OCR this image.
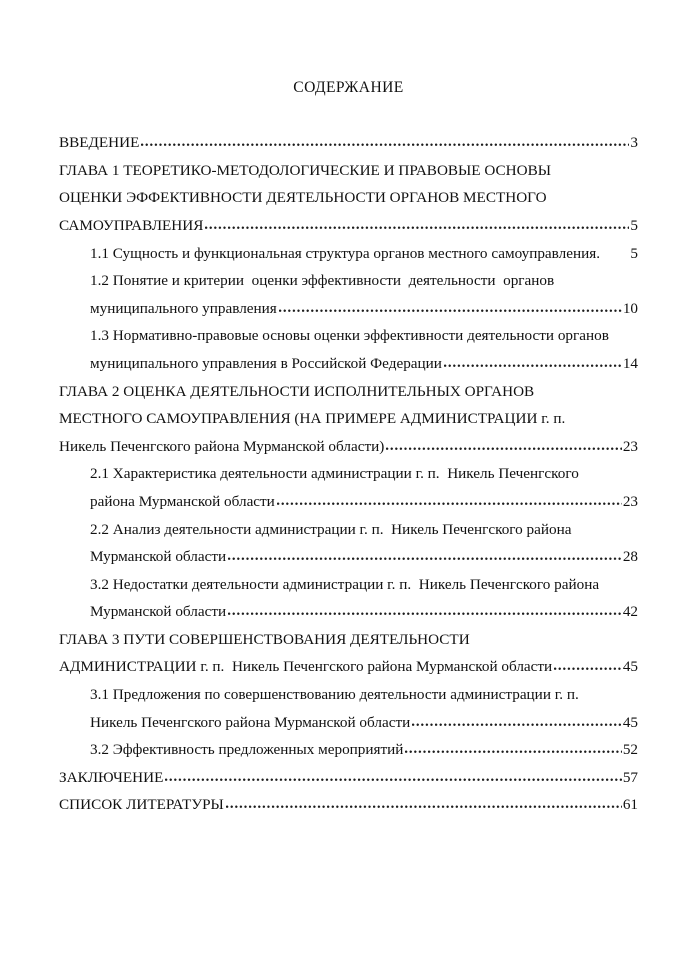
СОДЕРЖАНИЕ
ВВЕДЕНИЕ	3
ГЛАВА 1 ТЕОРЕТИКО-МЕТОДОЛОГИЧЕСКИЕ И ПРАВОВЫЕ ОСНОВЫ
ОЦЕНКИ ЭФФЕКТИВНОСТИ ДЕЯТЕЛЬНОСТИ ОРГАНОВ МЕСТНОГО
САМОУПРАВЛЕНИЯ	5
1.1 Сущность и функциональная структура органов местного самоуправления. 5
1.2 Понятие и критерии  оценки эффективности  деятельности  органов
муниципального управления	10
1.3 Нормативно-правовые основы оценки эффективности деятельности органов
муниципального управления в Российской Федерации	14
ГЛАВА 2 ОЦЕНКА ДЕЯТЕЛЬНОСТИ ИСПОЛНИТЕЛЬНЫХ ОРГАНОВ
МЕСТНОГО САМОУПРАВЛЕНИЯ (НА ПРИМЕРЕ АДМИНИСТРАЦИИ г. п.
Никель Печенгского района Мурманской области)	23
2.1 Характеристика деятельности администрации г. п.  Никель Печенгского
района Мурманской области	23
2.2 Анализ деятельности администрации г. п.  Никель Печенгского района
Мурманской области	28
3.2 Недостатки деятельности администрации г. п.  Никель Печенгского района
Мурманской области	42
ГЛАВА 3 ПУТИ СОВЕРШЕНСТВОВАНИЯ ДЕЯТЕЛЬНОСТИ
АДМИНИСТРАЦИИ г. п.  Никель Печенгского района Мурманской области	45
3.1 Предложения по совершенствованию деятельности администрации г. п.
Никель Печенгского района Мурманской области	45
3.2 Эффективность предложенных мероприятий	52
ЗАКЛЮЧЕНИЕ	57
СПИСОК ЛИТЕРАТУРЫ	61
